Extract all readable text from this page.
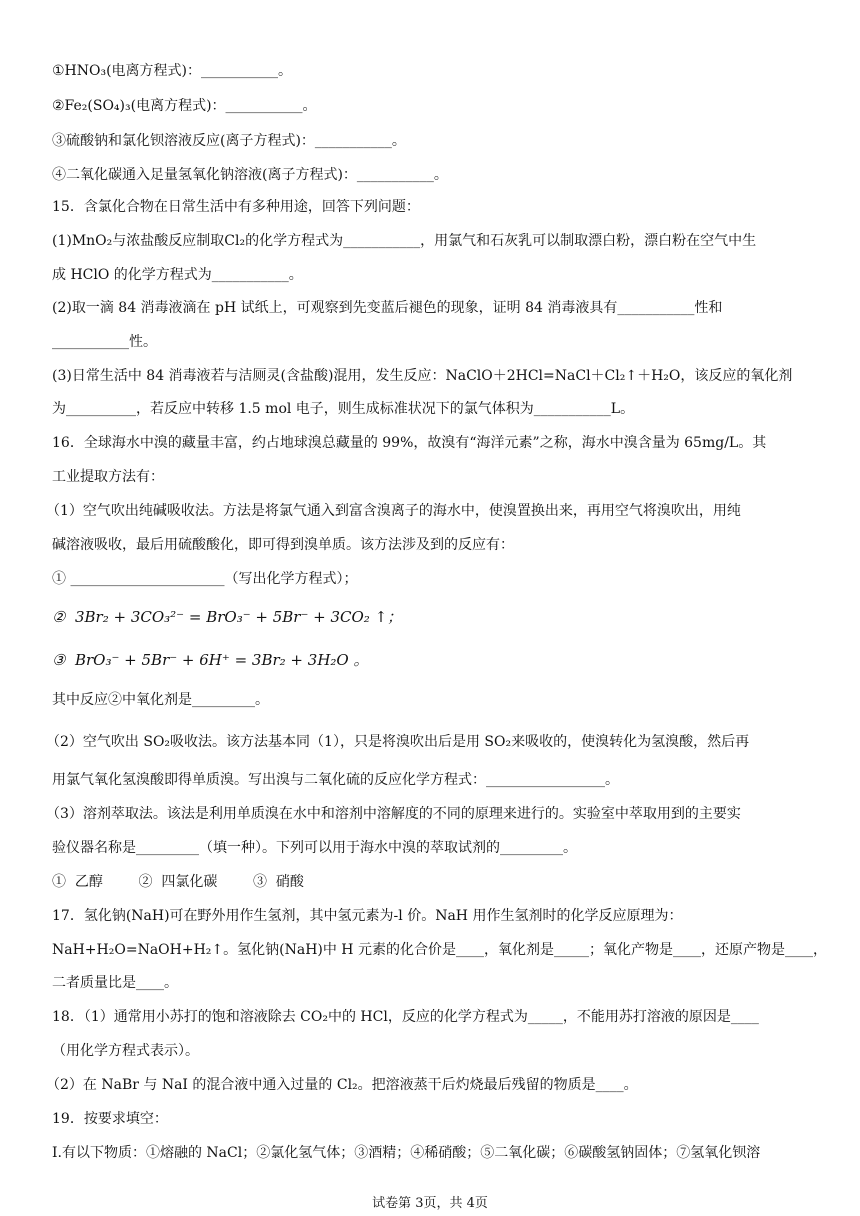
①HNO₃(电离方程式)：___________。
②Fe₂(SO₄)₃(电离方程式)：___________。
③硫酸钠和氯化钡溶液反应(离子方程式)：___________。
④二氧化碳通入足量氢氧化钠溶液(离子方程式)：___________。
15．含氯化合物在日常生活中有多种用途，回答下列问题：
(1)MnO₂与浓盐酸反应制取Cl₂的化学方程式为___________，用氯气和石灰乳可以制取漂白粉，漂白粉在空气中生
成 HClO 的化学方程式为___________。
(2)取一滴 84 消毒液滴在 pH 试纸上，可观察到先变蓝后褪色的现象，证明 84 消毒液具有___________性和
___________性。
(3)日常生活中 84 消毒液若与洁厕灵(含盐酸)混用，发生反应：NaClO＋2HCl=NaCl＋Cl₂↑＋H₂O，该反应的氧化剂
为__________，若反应中转移 1.5 mol 电子，则生成标准状况下的氯气体积为___________L。
16．全球海水中溴的藏量丰富，约占地球溴总藏量的 99%，故溴有“海洋元素”之称，海水中溴含量为 65mg/L。其
工业提取方法有：
（1）空气吹出纯碱吸收法。方法是将氯气通入到富含溴离子的海水中，使溴置换出来，再用空气将溴吹出，用纯
碱溶液吸收，最后用硫酸酸化，即可得到溴单质。该方法涉及到的反应有：
① ______________________（写出化学方程式）；
②  3Br₂ + 3CO₃²⁻ = BrO₃⁻ + 5Br⁻ + 3CO₂ ↑；
③  BrO₃⁻ + 5Br⁻ + 6H⁺ = 3Br₂ + 3H₂O 。
其中反应②中氧化剂是_________。
（2）空气吹出 SO₂吸收法。该方法基本同（1），只是将溴吹出后是用 SO₂来吸收的，使溴转化为氢溴酸，然后再
用氯气氧化氢溴酸即得单质溴。写出溴与二氧化硫的反应化学方程式：_________________。
（3）溶剂萃取法。该法是利用单质溴在水中和溶剂中溶解度的不同的原理来进行的。实验室中萃取用到的主要实
验仪器名称是_________（填一种）。下列可以用于海水中溴的萃取试剂的_________。
①  乙醇        ②  四氯化碳        ③  硝酸
17．氢化钠(NaH)可在野外用作生氢剂，其中氢元素为-l 价。NaH 用作生氢剂时的化学反应原理为：
NaH+H₂O=NaOH+H₂↑。氢化钠(NaH)中 H 元素的化合价是____，氧化剂是_____；氧化产物是____，还原产物是____，
二者质量比是____。
18．（1）通常用小苏打的饱和溶液除去 CO₂中的 HCl，反应的化学方程式为_____，不能用苏打溶液的原因是____
（用化学方程式表示）。
（2）在 NaBr 与 NaI 的混合液中通入过量的 Cl₂。把溶液蒸干后灼烧最后残留的物质是____。
19．按要求填空：
I.有以下物质：①熔融的 NaCl；②氯化氢气体；③酒精；④稀硝酸；⑤二氧化碳；⑥碳酸氢钠固体；⑦氢氧化钡溶
试卷第 3页，共 4页
